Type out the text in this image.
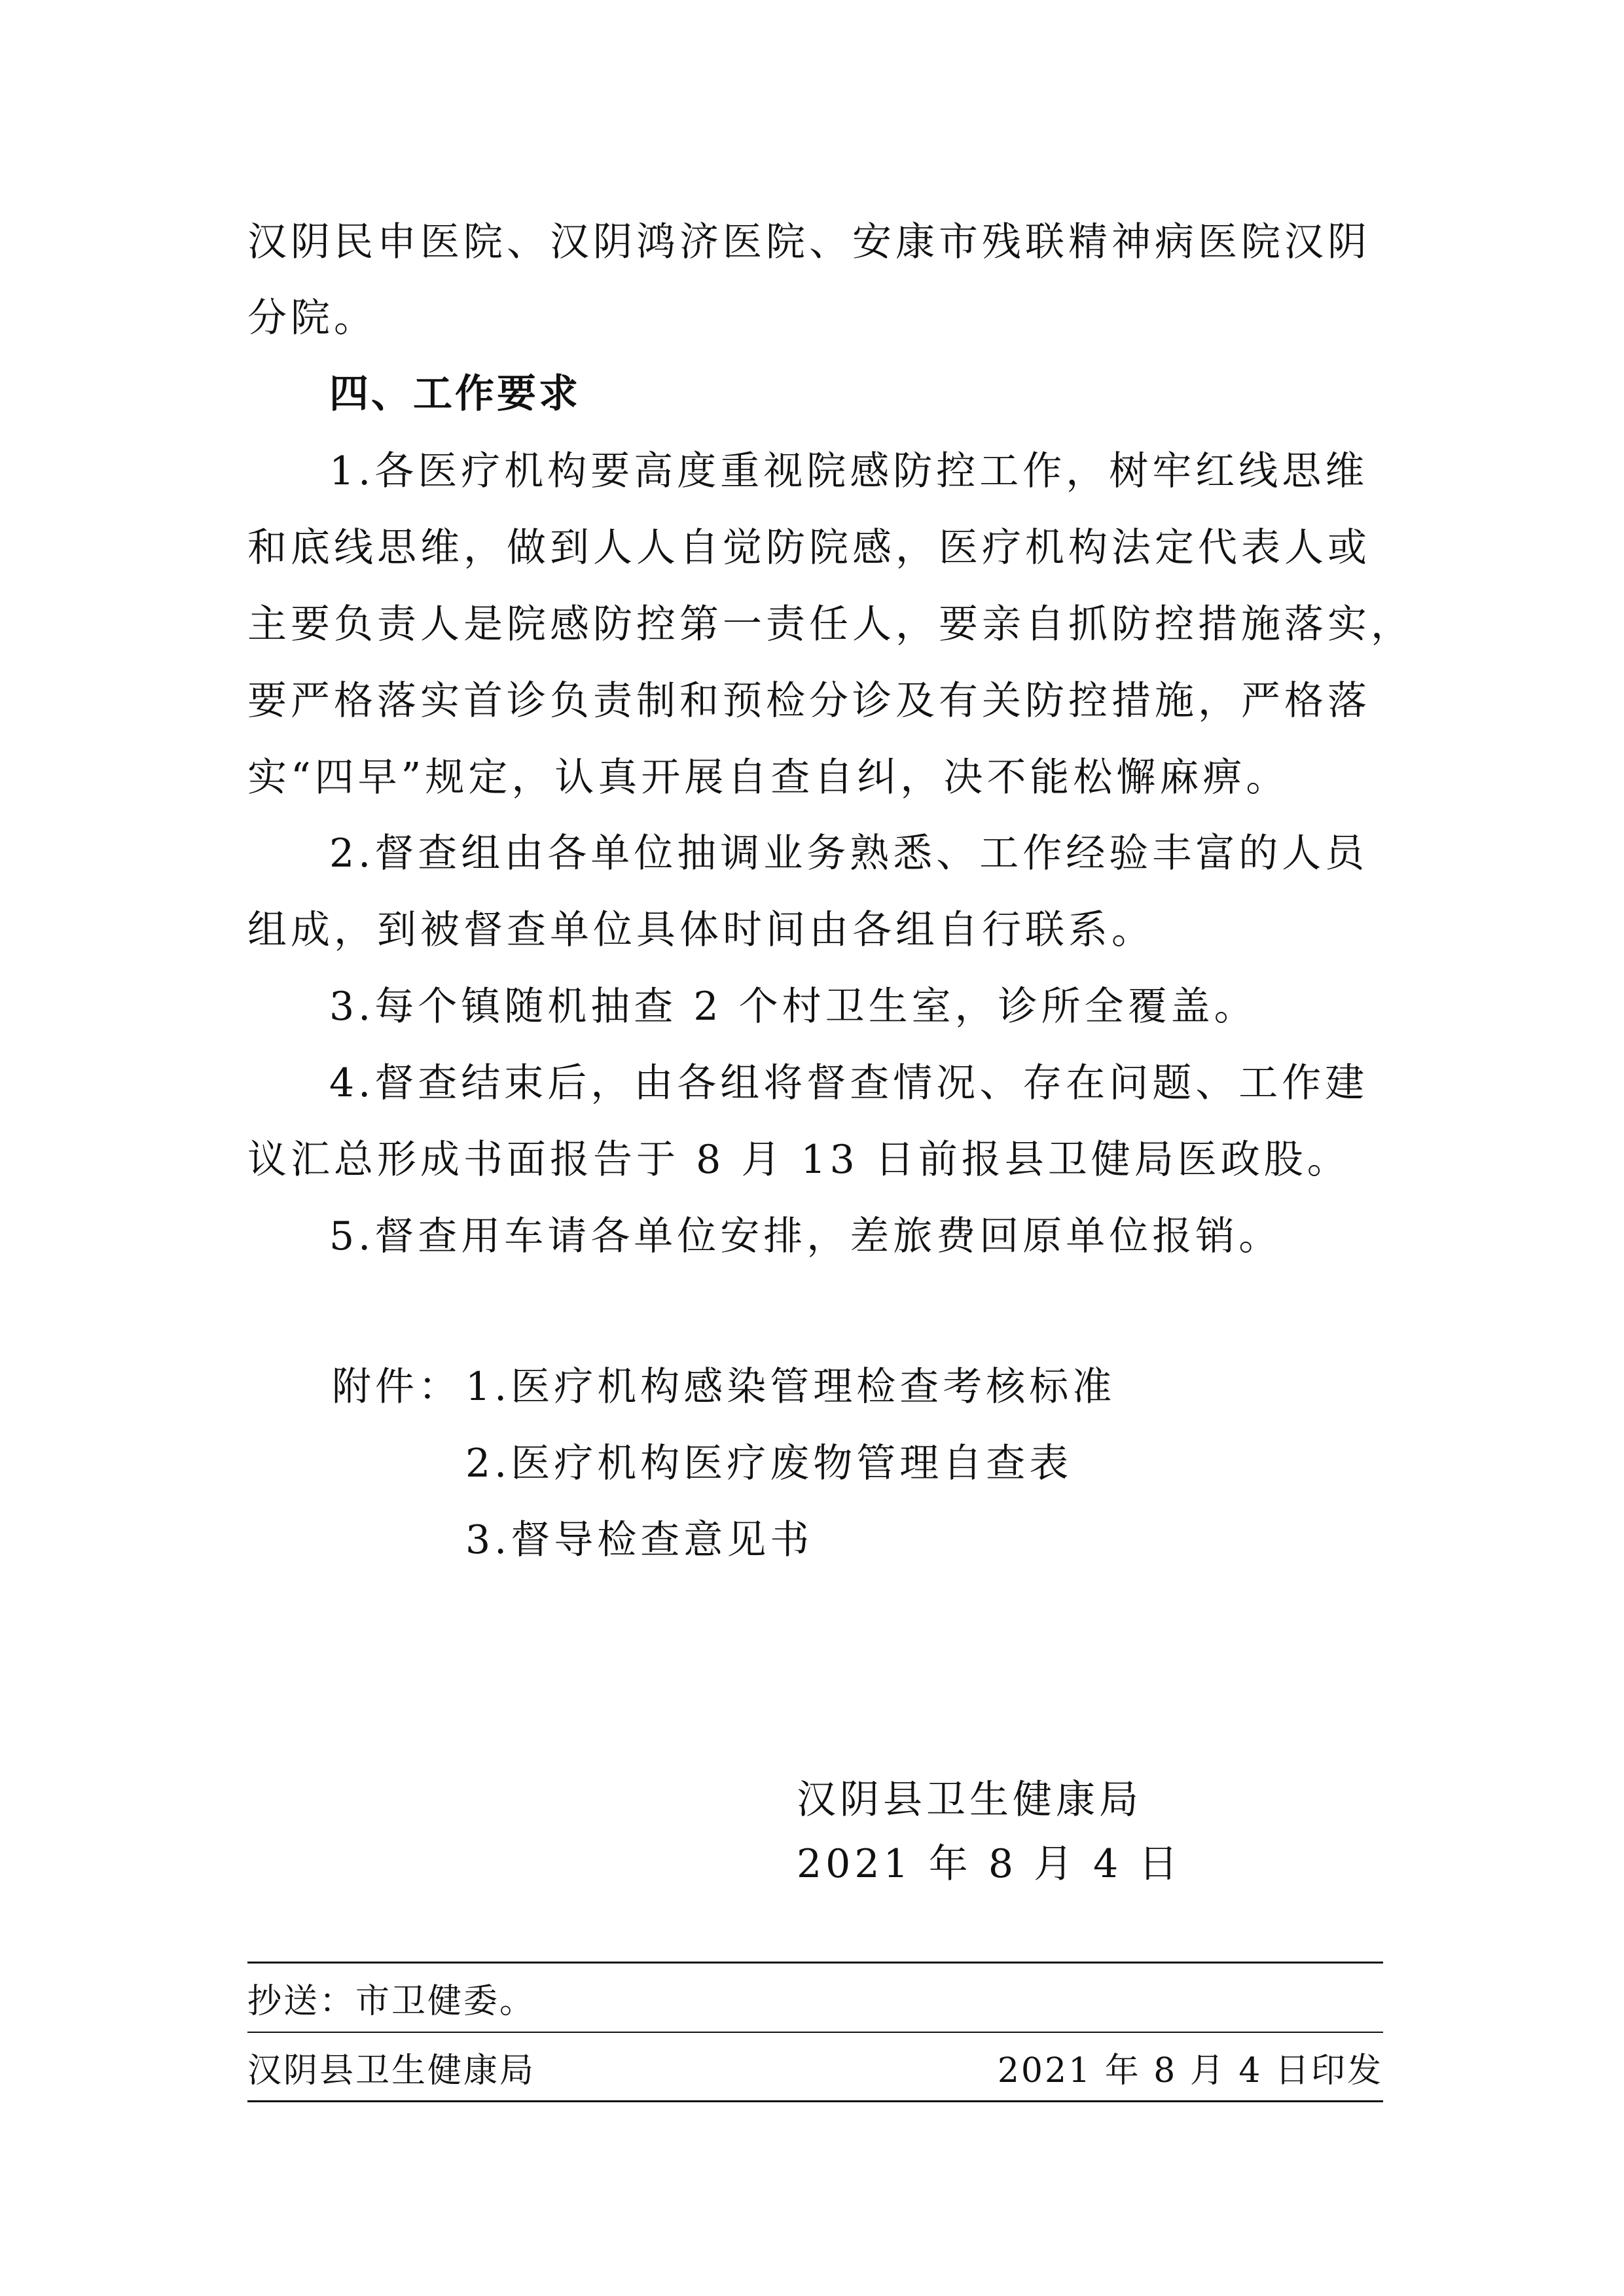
汉阴民申医院、汉阴鸿济医院、安康市残联精神病医院汉阴
分院。
四、工作要求
1.各医疗机构要高度重视院感防控工作，树牢红线思维
和底线思维，做到人人自觉防院感，医疗机构法定代表人或
主要负责人是院感防控第一责任人，要亲自抓防控措施落实，
要严格落实首诊负责制和预检分诊及有关防控措施，严格落
实“四早”规定，认真开展自查自纠，决不能松懈麻痹。
2.督查组由各单位抽调业务熟悉、工作经验丰富的人员
组成，到被督查单位具体时间由各组自行联系。
3.每个镇随机抽查 2 个村卫生室，诊所全覆盖。
4.督查结束后，由各组将督查情况、存在问题、工作建
议汇总形成书面报告于 8 月 13 日前报县卫健局医政股。
5.督查用车请各单位安排，差旅费回原单位报销。
附件： 1.医疗机构感染管理检查考核标准
2.医疗机构医疗废物管理自查表
3.督导检查意见书
汉阴县卫生健康局
2021 年 8 月 4 日
抄送：市卫健委。
汉阴县卫生健康局	2021 年 8 月 4 日印发
